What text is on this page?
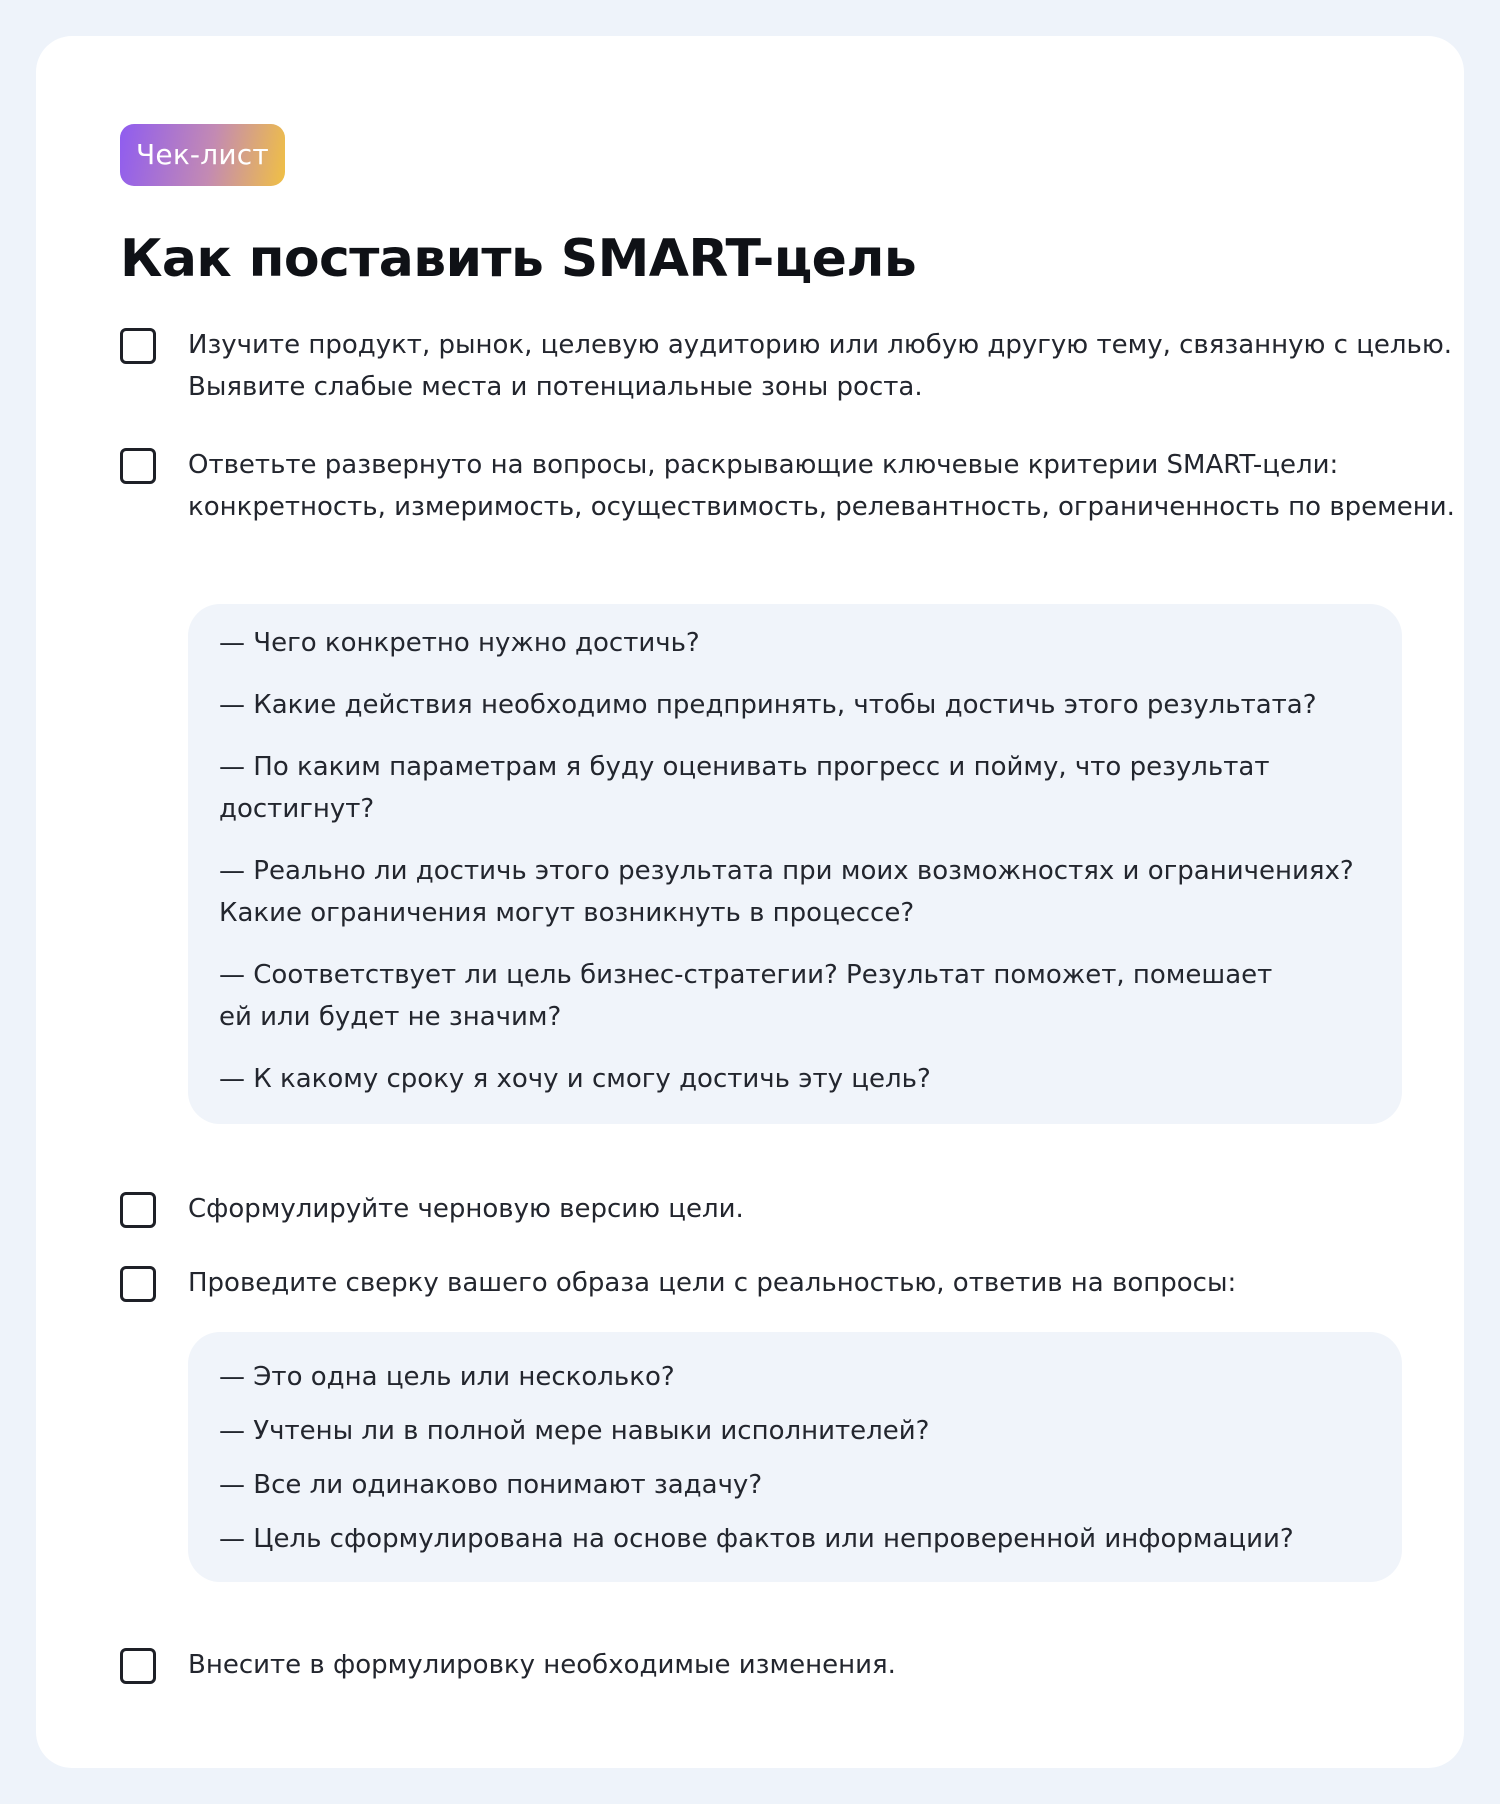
Чек-лист
Как поставить SMART-цель
Изучите продукт, рынок, целевую аудиторию или любую другую тему, связанную с целью.
Выявите слабые места и потенциальные зоны роста.
Ответьте развернуто на вопросы, раскрывающие ключевые критерии SMART-цели:
конкретность, измеримость, осуществимость, релевантность, ограниченность по времени.
— Чего конкретно нужно достичь?
— Какие действия необходимо предпринять, чтобы достичь этого результата?
— По каким параметрам я буду оценивать прогресс и пойму, что результат
достигнут?
— Реально ли достичь этого результата при моих возможностях и ограничениях?
Какие ограничения могут возникнуть в процессе?
— Соответствует ли цель бизнес-стратегии? Результат поможет, помешает
ей или будет не значим?
— К какому сроку я хочу и смогу достичь эту цель?
Сформулируйте черновую версию цели.
Проведите сверку вашего образа цели с реальностью, ответив на вопросы:
— Это одна цель или несколько?
— Учтены ли в полной мере навыки исполнителей?
— Все ли одинаково понимают задачу?
— Цель сформулирована на основе фактов или непроверенной информации?
Внесите в формулировку необходимые изменения.
